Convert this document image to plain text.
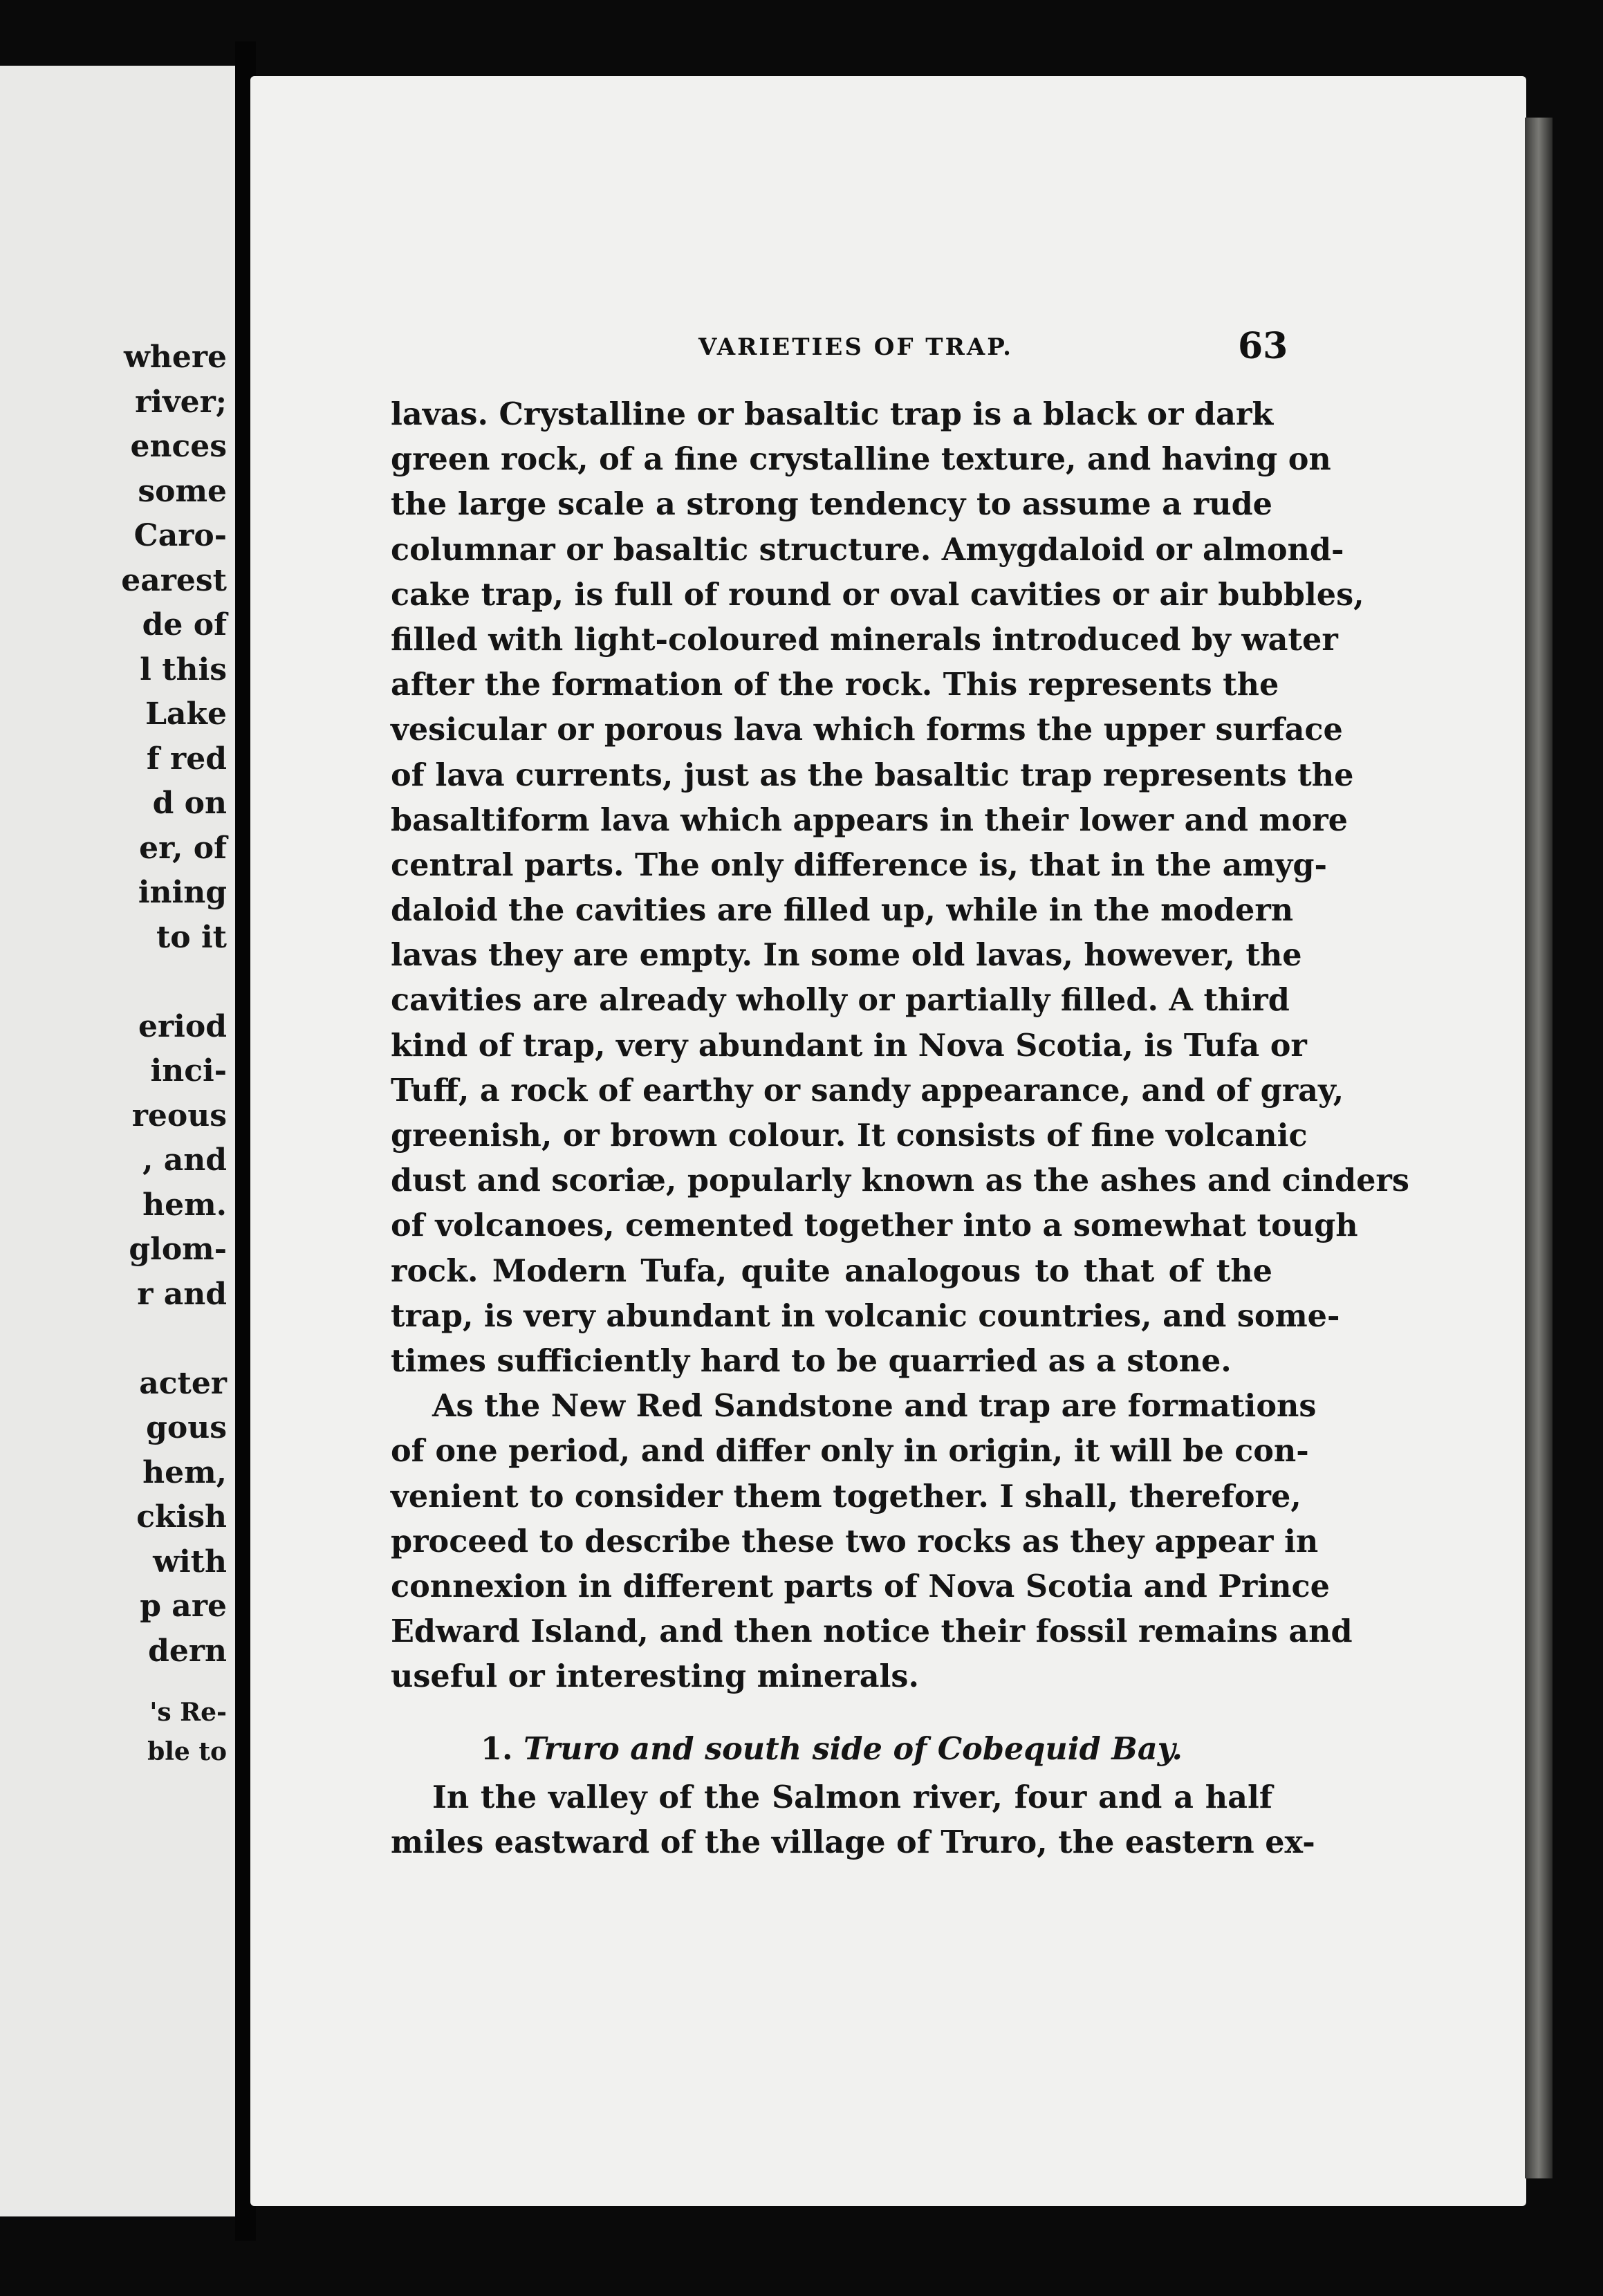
where
river;
ences
some
Caro-
earest
de of
l this
Lake
f red
d on
er, of
ining
to it
eriod
inci-
reous
, and
hem.
glom-
r and
acter
gous
hem,
ckish
with
p are
dern
's Re-
ble to
VARIETIES OF TRAP.	63
lavas. Crystalline or basaltic trap is a black or dark
green rock, of a fine crystalline texture, and having on
the large scale a strong tendency to assume a rude
columnar or basaltic structure. Amygdaloid or almond-
cake trap, is full of round or oval cavities or air bubbles,
filled with light-coloured minerals introduced by water
after the formation of the rock. This represents the
vesicular or porous lava which forms the upper surface
of lava currents, just as the basaltic trap represents the
basaltiform lava which appears in their lower and more
central parts. The only difference is, that in the amyg-
daloid the cavities are filled up, while in the modern
lavas they are empty. In some old lavas, however, the
cavities are already wholly or partially filled. A third
kind of trap, very abundant in Nova Scotia, is Tufa or
Tuff, a rock of earthy or sandy appearance, and of gray,
greenish, or brown colour. It consists of fine volcanic
dust and scoriæ, popularly known as the ashes and cinders
of volcanoes, cemented together into a somewhat tough
rock. Modern Tufa, quite analogous to that of the
trap, is very abundant in volcanic countries, and some-
times sufficiently hard to be quarried as a stone.
As the New Red Sandstone and trap are formations
of one period, and differ only in origin, it will be con-
venient to consider them together. I shall, therefore,
proceed to describe these two rocks as they appear in
connexion in different parts of Nova Scotia and Prince
Edward Island, and then notice their fossil remains and
useful or interesting minerals.
1. Truro and south side of Cobequid Bay.
In the valley of the Salmon river, four and a half
miles eastward of the village of Truro, the eastern ex-
